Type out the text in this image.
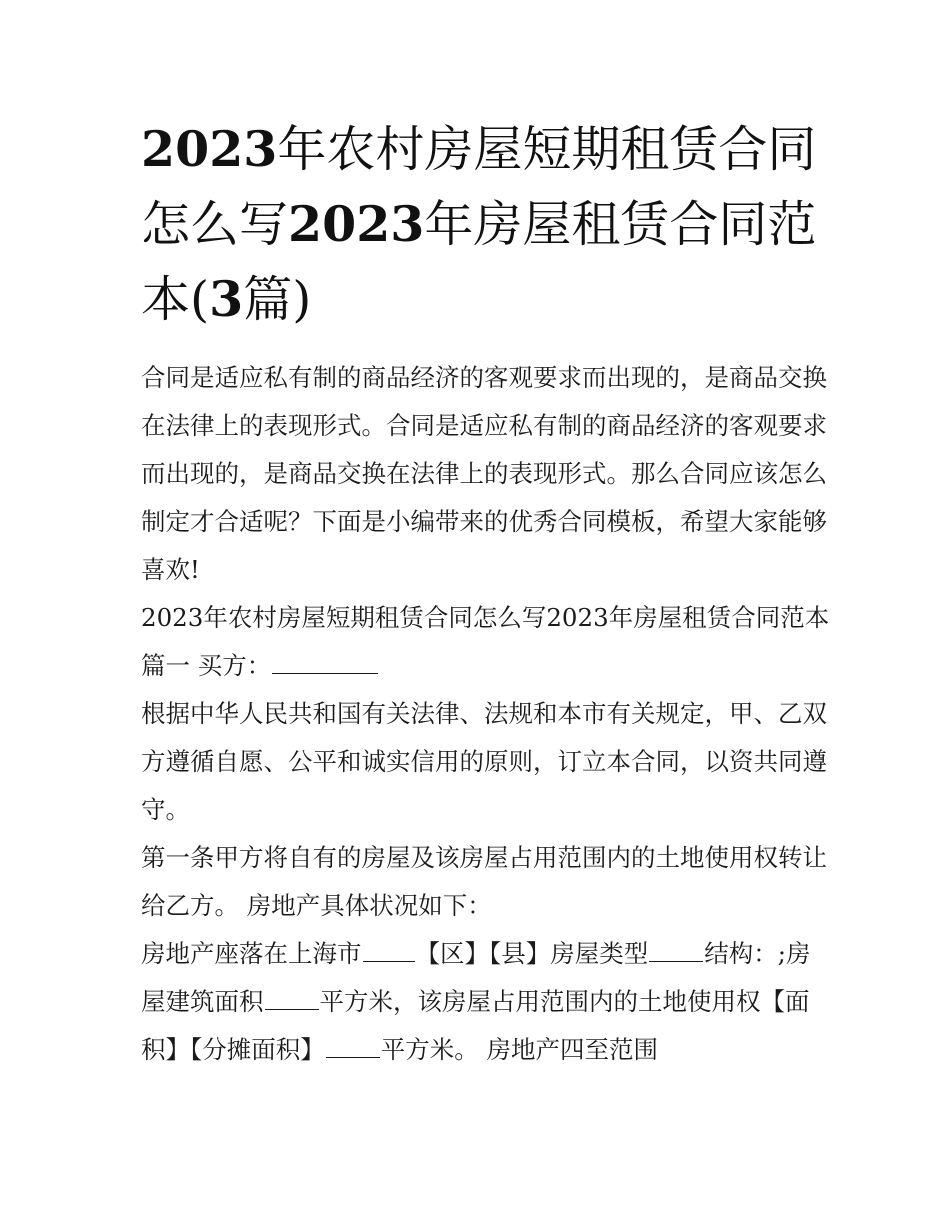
2023年农村房屋短期租赁合同怎么写2023年房屋租赁合同范本(3篇)

合同是适应私有制的商品经济的客观要求而出现的，是商品交换在法律上的表现形式。合同是适应私有制的商品经济的客观要求而出现的，是商品交换在法律上的表现形式。那么合同应该怎么制定才合适呢？下面是小编带来的优秀合同模板，希望大家能够喜欢!

2023年农村房屋短期租赁合同怎么写2023年房屋租赁合同范本篇一 买方：

根据中华人民共和国有关法律、法规和本市有关规定，甲、乙双方遵循自愿、公平和诚实信用的原则，订立本合同，以资共同遵守。

第一条甲方将自有的房屋及该房屋占用范围内的土地使用权转让给乙方。 房地产具体状况如下：

房地产座落在上海市 【区】【县】房屋类型 结构：;房屋建筑面积 平方米，该房屋占用范围内的土地使用权【面积】【分摊面积】 平方米。 房地产四至范围
